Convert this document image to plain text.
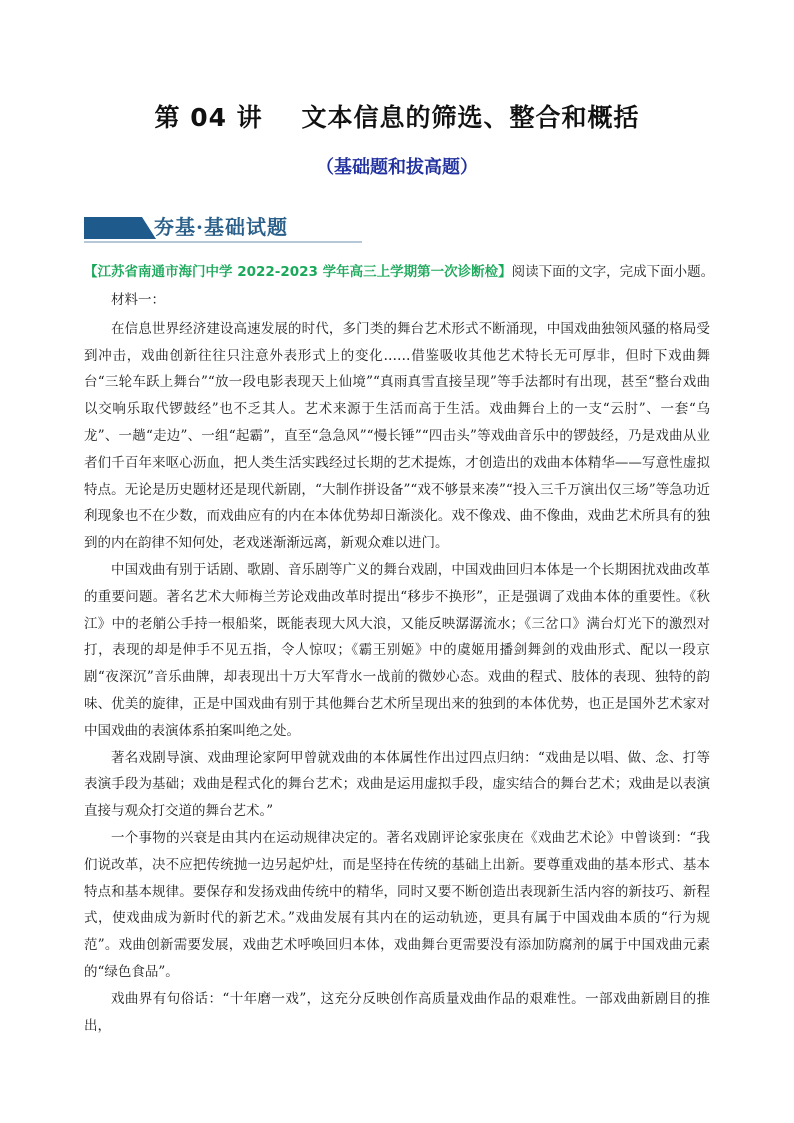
第 04 讲    文本信息的筛选、整合和概括
（基础题和拔高题）
夯基·基础试题
【江苏省南通市海门中学 2022-2023 学年高三上学期第一次诊断检】阅读下面的文字，完成下面小题。

材料一：

在信息世界经济建设高速发展的时代，多门类的舞台艺术形式不断涌现，中国戏曲独领风骚的格局受到冲击，戏曲创新往往只注意外表形式上的变化……借鉴吸收其他艺术特长无可厚非，但时下戏曲舞台“三轮车跃上舞台”“放一段电影表现天上仙境”“真雨真雪直接呈现”等手法都时有出现，甚至“整台戏曲以交响乐取代锣鼓经”也不乏其人。艺术来源于生活而高于生活。戏曲舞台上的一支“云肘”、一套“乌龙”、一趟“走边”、一组“起霸”，直至“急急风”“慢长锤”“四击头”等戏曲音乐中的锣鼓经，乃是戏曲从业者们千百年来呕心沥血，把人类生活实践经过长期的艺术提炼，才创造出的戏曲本体精华——写意性虚拟特点。无论是历史题材还是现代新剧，“大制作拼设备”“戏不够景来凑”“投入三千万演出仅三场”等急功近利现象也不在少数，而戏曲应有的内在本体优势却日渐淡化。戏不像戏、曲不像曲，戏曲艺术所具有的独到的内在韵律不知何处，老戏迷渐渐远离，新观众难以进门。

中国戏曲有别于话剧、歌剧、音乐剧等广义的舞台戏剧，中国戏曲回归本体是一个长期困扰戏曲改革的重要问题。著名艺术大师梅兰芳论戏曲改革时提出“移步不换形”，正是强调了戏曲本体的重要性。《秋江》中的老艄公手持一根船桨，既能表现大风大浪，又能反映潺潺流水；《三岔口》满台灯光下的激烈对打，表现的却是伸手不见五指，令人惊叹；《霸王别姬》中的虞姬用播剑舞剑的戏曲形式、配以一段京剧“夜深沉”音乐曲牌，却表现出十万大军背水一战前的微妙心态。戏曲的程式、肢体的表现、独特的韵味、优美的旋律，正是中国戏曲有别于其他舞台艺术所呈现出来的独到的本体优势，也正是国外艺术家对中国戏曲的表演体系拍案叫绝之处。

著名戏剧导演、戏曲理论家阿甲曾就戏曲的本体属性作出过四点归纳：“戏曲是以唱、做、念、打等表演手段为基础；戏曲是程式化的舞台艺术；戏曲是运用虚拟手段，虚实结合的舞台艺术；戏曲是以表演直接与观众打交道的舞台艺术。”

一个事物的兴衰是由其内在运动规律决定的。著名戏剧评论家张庚在《戏曲艺术论》中曾谈到：“我们说改革，决不应把传统抛一边另起炉灶，而是坚持在传统的基础上出新。要尊重戏曲的基本形式、基本特点和基本规律。要保存和发扬戏曲传统中的精华，同时又要不断创造出表现新生活内容的新技巧、新程式，使戏曲成为新时代的新艺术。”戏曲发展有其内在的运动轨迹，更具有属于中国戏曲本质的“行为规范”。戏曲创新需要发展，戏曲艺术呼唤回归本体，戏曲舞台更需要没有添加防腐剂的属于中国戏曲元素的“绿色食品”。

戏曲界有句俗话：“十年磨一戏”，这充分反映创作高质量戏曲作品的艰难性。一部戏曲新剧目的推出，
